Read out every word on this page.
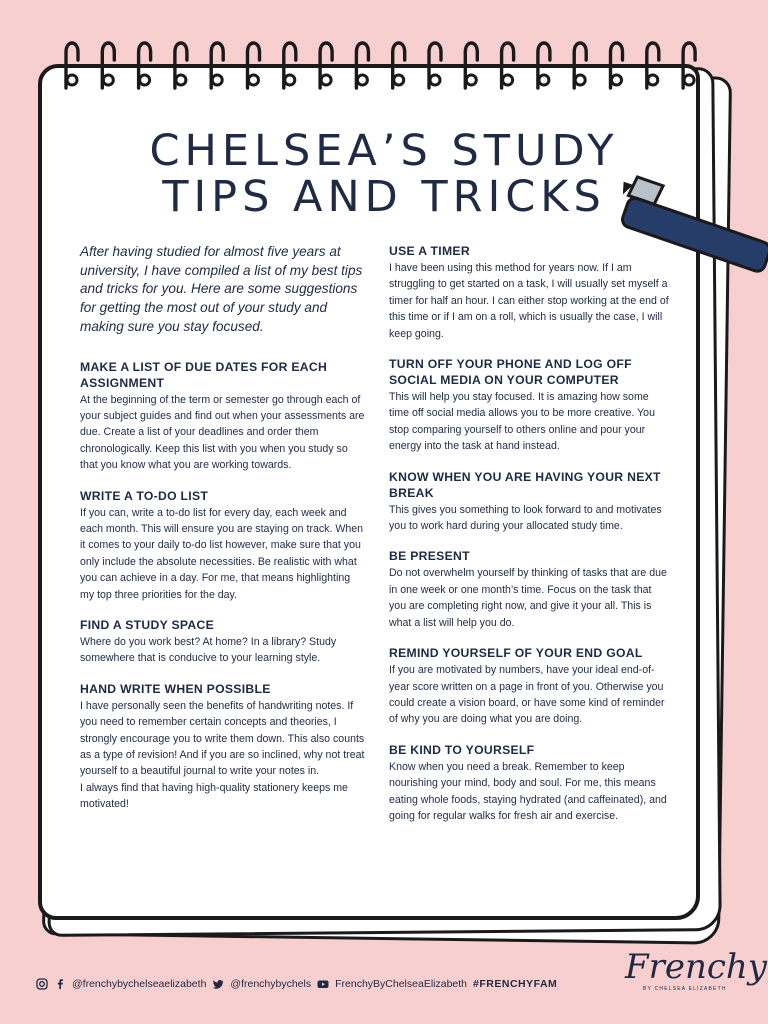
CHELSEA’S STUDY
TIPS AND TRICKS

After having studied for almost five years at university, I have compiled a list of my best tips and tricks for you. Here are some suggestions for getting the most out of your study and making sure you stay focused.

MAKE A LIST OF DUE DATES FOR EACH ASSIGNMENT

At the beginning of the term or semester go through each of your subject guides and find out when your assessments are due. Create a list of your deadlines and order them chronologically. Keep this list with you when you study so that you know what you are working towards.

WRITE A TO-DO LIST

If you can, write a to-do list for every day, each week and each month. This will ensure you are staying on track. When it comes to your daily to-do list however, make sure that you only include the absolute necessities. Be realistic with what you can achieve in a day. For me, that means highlighting my top three priorities for the day.

FIND A STUDY SPACE

Where do you work best? At home? In a library? Study somewhere that is conducive to your learning style.

HAND WRITE WHEN POSSIBLE

I have personally seen the benefits of handwriting notes. If you need to remember certain concepts and theories, I strongly encourage you to write them down. This also counts as a type of revision! And if you are so inclined, why not treat yourself to a beautiful journal to write your notes in.
I always find that having high-quality stationery keeps me motivated!

USE A TIMER

I have been using this method for years now. If I am struggling to get started on a task, I will usually set myself a timer for half an hour. I can either stop working at the end of this time or if I am on a roll, which is usually the case, I will keep going.

TURN OFF YOUR PHONE AND LOG OFF SOCIAL MEDIA ON YOUR COMPUTER

This will help you stay focused. It is amazing how some time off social media allows you to be more creative. You stop comparing yourself to others online and pour your energy into the task at hand instead.

KNOW WHEN YOU ARE HAVING YOUR NEXT BREAK

This gives you something to look forward to and motivates you to work hard during your allocated study time.

BE PRESENT

Do not overwhelm yourself by thinking of tasks that are due in one week or one month’s time. Focus on the task that you are completing right now, and give it your all. This is what a list will help you do.

REMIND YOURSELF OF YOUR END GOAL

If you are motivated by numbers, have your ideal end-of-year score written on a page in front of you. Otherwise you could create a vision board, or have some kind of reminder of why you are doing what you are doing.

BE KIND TO YOURSELF

Know when you need a break. Remember to keep nourishing your mind, body and soul. For me, this means eating whole foods, staying hydrated (and caffeinated), and going for regular walks for fresh air and exercise.

@frenchybychelseaelizabeth @frenchybychels FrenchyByChelseaElizabeth #FRENCHYFAM Frenchy
BY CHELSEA ELIZABETH
